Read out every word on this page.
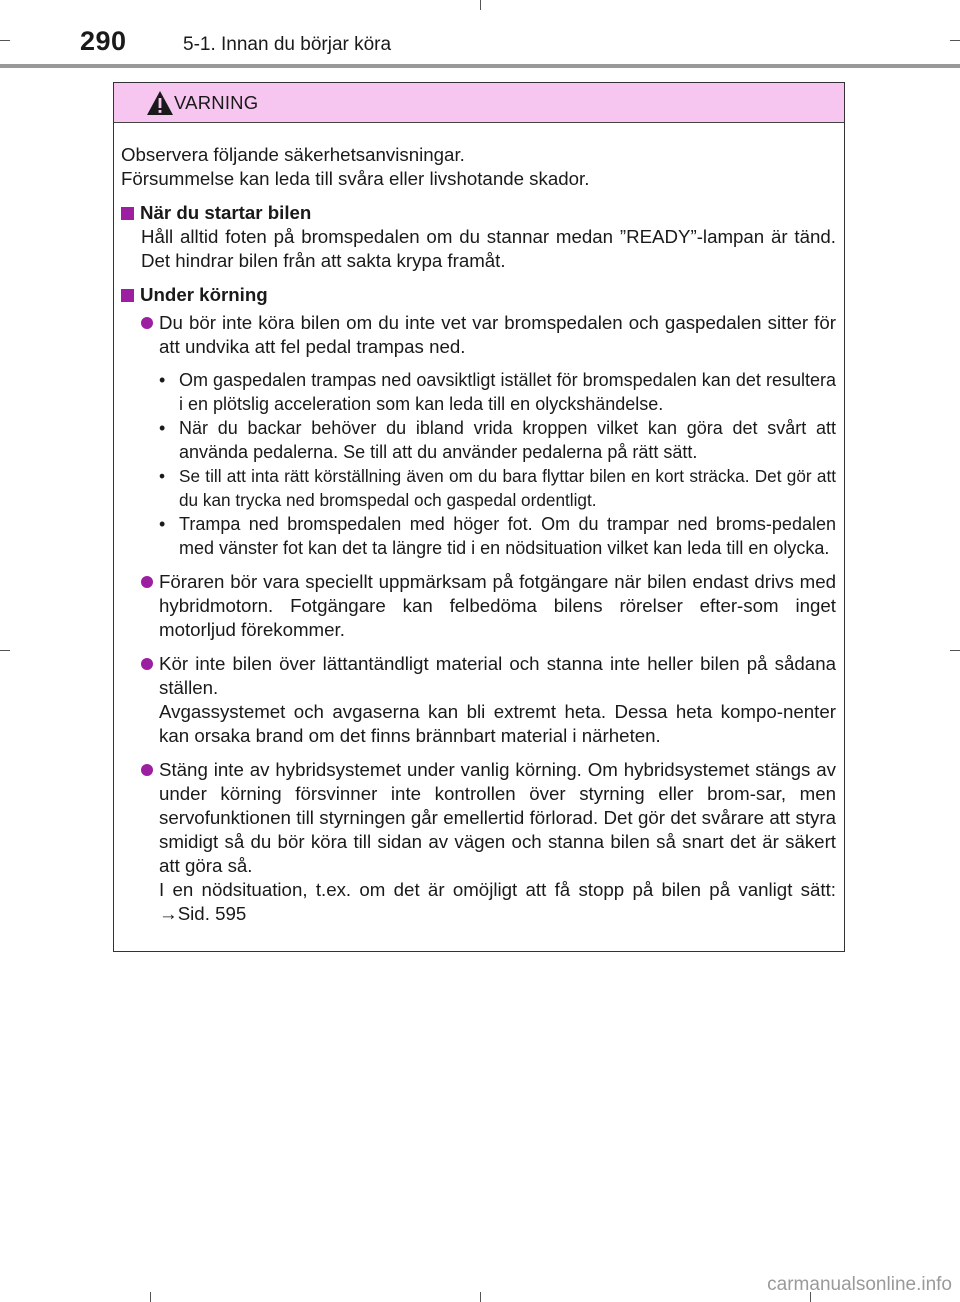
290	5-1. Innan du börjar köra
VARNING

Observera följande säkerhetsanvisningar.

Försummelse kan leda till svåra eller livshotande skador.

När du startar bilen
Håll alltid foten på bromspedalen om du stannar medan ”READY”-lampan är tänd. Det hindrar bilen från att sakta krypa framåt.
Under körning
Du bör inte köra bilen om du inte vet var bromspedalen och gaspedalen sitter för att undvika att fel pedal trampas ned.
• Om gaspedalen trampas ned oavsiktligt istället för bromspedalen kan det resultera i en plötslig acceleration som kan leda till en olyckshändelse.
• När du backar behöver du ibland vrida kroppen vilket kan göra det svårt att använda pedalerna. Se till att du använder pedalerna på rätt sätt.
• Se till att inta rätt körställning även om du bara flyttar bilen en kort sträcka. Det gör att du kan trycka ned bromspedal och gaspedal ordentligt.
• Trampa ned bromspedalen med höger fot. Om du trampar ned broms-pedalen med vänster fot kan det ta längre tid i en nödsituation vilket kan leda till en olycka.
Föraren bör vara speciellt uppmärksam på fotgängare när bilen endast drivs med hybridmotorn. Fotgängare kan felbedöma bilens rörelser efter-som inget motorljud förekommer.
Kör inte bilen över lättantändligt material och stanna inte heller bilen på sådana ställen.
Avgassystemet och avgaserna kan bli extremt heta. Dessa heta kompo-nenter kan orsaka brand om det finns brännbart material i närheten.
Stäng inte av hybridsystemet under vanlig körning. Om hybridsystemet stängs av under körning försvinner inte kontrollen över styrning eller brom-sar, men servofunktionen till styrningen går emellertid förlorad. Det gör det svårare att styra smidigt så du bör köra till sidan av vägen och stanna bilen så snart det är säkert att göra så.
I en nödsituation, t.ex. om det är omöjligt att få stopp på bilen på vanligt sätt: →Sid. 595
carmanualsonline.info
